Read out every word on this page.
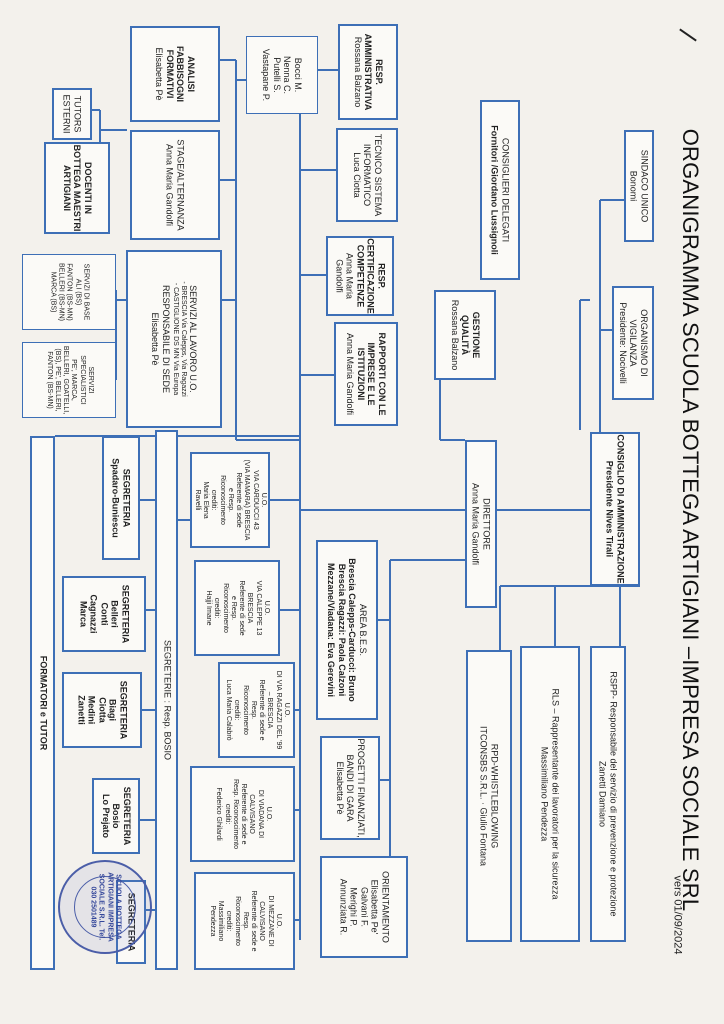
ORGANIGRAMMA SCUOLA BOTTEGA ARTIGIANI –IMPRESA SOCIALE SRL
vers 01/09/2024
SINDACO UNICO
Bonomi
CONSIGLIERI DELEGATI
Fornitori /Giordano Lussignoli
ORGANISMO DI VIGILANZA
Presidente: Nocivelli
CONSIGLIO DI AMMINISTRAZIONE
Presidente Nives Tirali
RSPP- Responsabile del servizio di prevenzione e protezione
Zanetti Damiano
RLS – Rappresentante dei lavoratori per la sicurezza
Massimiliano Pendezza
RPD-WHISTLEBLOWING
ITCONSBS S.R.L. · Giulio Fontana
DIRETTORE
Anna Maria Gandolfi
GESTIONE QUALITÀ
Rossana Balzano
RESP. AMMINISTRATIVA
Rossana Balzano
Bocci M.
Nenna C.
Putelli S.
Vastapane P.
TECNICO SISTEMA INFORMATICO
Luca Ciotta
RESP. CERTIFICAZIONE COMPETENZE
Anna Maria Gandolfi
RAPPORTI CON LE IMPRESE E LE ISTITUZIONI
Anna Maria Gandolfi
ANALISI FABBISOGNI FORMATIVI
Elisabetta Pè
STAGE/ALTERNANZA
Anna Maria Gandolfi
TUTORS ESTERNI
DOCENTI IN BOTTEGA MAESTRI ARTIGIANI
SERVIZI AL LAVORO U.O.
- BRESCIA Via Calepps, Via Ragazzi
- CASTIGLIONE DS MN Via Europa
RESPONSABILE DI SEDE
Elisabetta Pè
SERVIZI DI BASE
ALI (BS)
FANTON (BS-MN)
BELLERI (BS-MN)
MARCA (BS)
SERVIZI SPECIALISTICI
PE', MARCA,
BELLERI, GOATELLI,
(BS), PE', BELLERI,
FANTON (BS-MN)
AREA B.E.S.
Brescia Calepps-Carducci: Bruno
Brescia Ragazzi: Paola Calzoni
Mezzane/Viadana: Eva Gerevini
PROGETTI FINANZIATI, BANDI DI GARA
Elisabetta Pè
ORIENTAMENTO
Elisabetta Pe'
Galvani F.
Merighi P.
Annunziata R.
U.O.
VIA CARDUCCI 43
(VIA MAMARA) BRESCIA
Referente di sede
e Resp.
Riconoscimento
crediti:
Maria Elena
Ravelli
U.O.
VIA CALEPPE 13
BRESCIA
Referente di sede
e Resp.
Riconoscimento
crediti:
Hajji Imane
U.O.
DI VIA RAGAZZI DEL '99
– BRESCIA
Referente di sede e
Resp.
Riconoscimento
crediti:
Luca Maria Calabrò
U.O.
DI VIADANA DI
CALVISANO
Referente di sede e
Resp. Riconoscimento
crediti:
Federico Ghilardi
U.O.
DI MEZZANE DI
CALVISANO
Referente di sede e
Resp.
Riconoscimento
crediti:
Massimiliano
Pendezza
SEGRETERIE : Resp. BOSIO
SEGRETERIA
Spadaro-Buniescu
SEGRETERIA
Belleri
Conti
Cagnazzi
Marca
SEGRETERIA
Biagi
Ciotta
Medini
Zanetti
SEGRETERIA
Bosio
Lo Prejato
SEGRETERIA
FORMATORI e TUTOR
SCUOLA BOTTEGA ARTIGIANI IMPRESA SOCIALE S.R.L. Tel. 030 2501489
